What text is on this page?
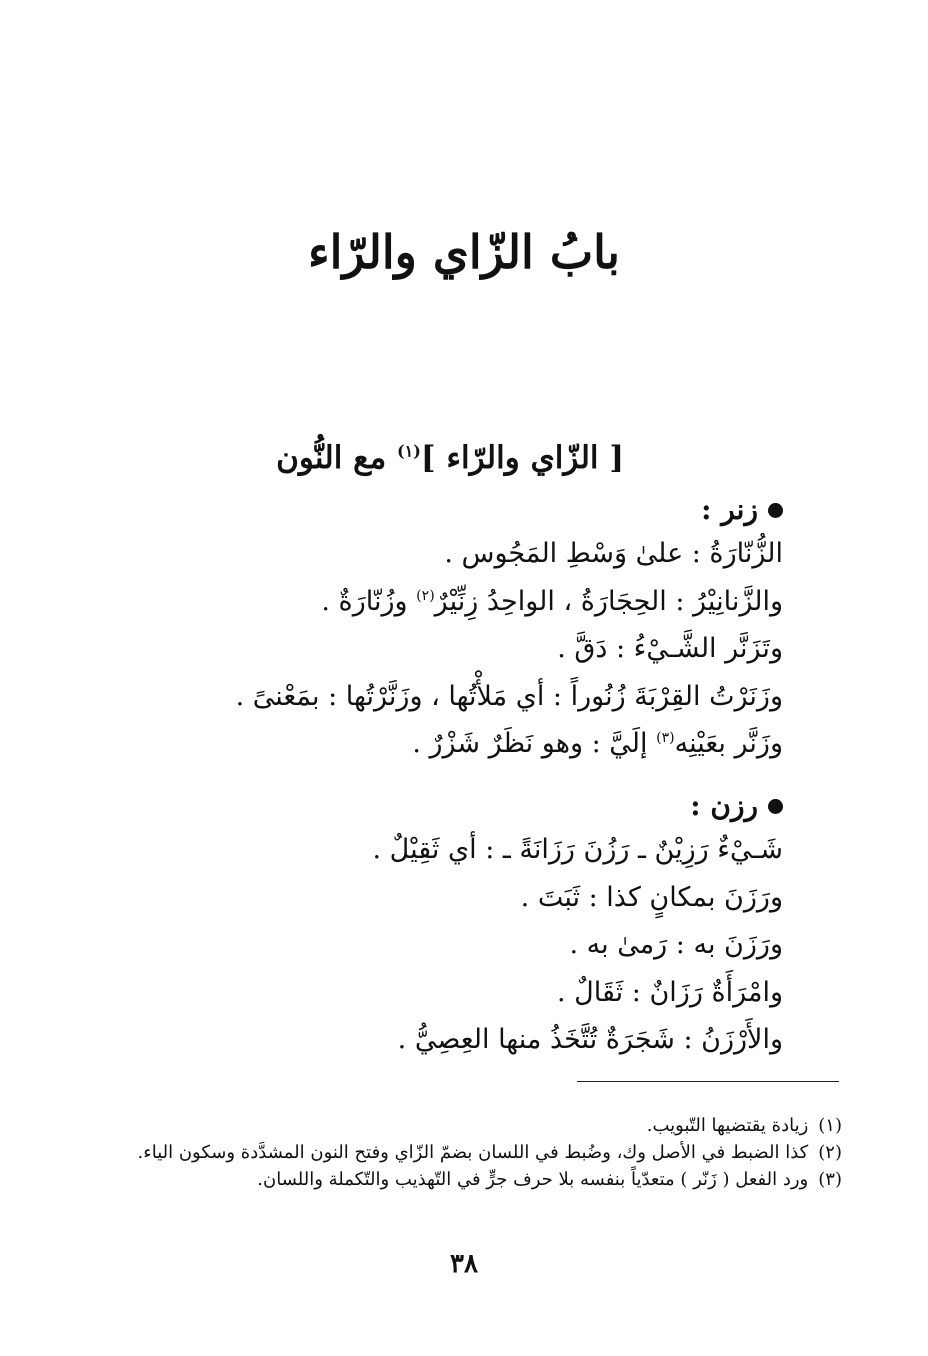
بابُ الزّاي والرّاء
[ الزّاي والرّاء ]$^{(١)}$ مع النُّون
زنر :
الزُّنّارَةُ : علىٰ وَسْطِ المَجُوس .
والزَّنانِيْرُ : الحِجَارَةُ ، الواحِدُ زِنِّيْرٌ$^{(٢)}$ وزُنّارَةٌ .
وتَزَنَّر الشَّـيْءُ : دَقَّ .
وزَنَرْتُ القِرْبَةَ زُنُوراً : أي مَلأْتُها ، وزَنَّرْتُها : بمَعْنىً .
وزَنَّر بعَيْنِه$^{(٣)}$ إلَيَّ : وهو نَظَرٌ شَزْرٌ .
رزن :
شَـيْءٌ رَزِيْنٌ ـ رَزُنَ رَزَانَةً ـ : أي ثَقِيْلٌ .
ورَزَنَ بمكانٍ كذا : ثَبَتَ .
ورَزَنَ به : رَمىٰ به .
وامْرَأَةٌ رَزَانٌ : ثَقَالٌ .
والأَرْزَنُ : شَجَرَةٌ تُتَّخَذُ منها العِصِيُّ .
(١)زيادة يقتضيها التّبويب.
(٢)كذا الضبط في الأصل وك، وضُبط في اللسان بضمّ الزّاي وفتح النون المشدَّدة وسكون الياء.
(٣)ورد الفعل ( زَنّر ) متعدّياً بنفسه بلا حرف جرٍّ في التّهذيب والتّكملة واللسان.
٣٨
